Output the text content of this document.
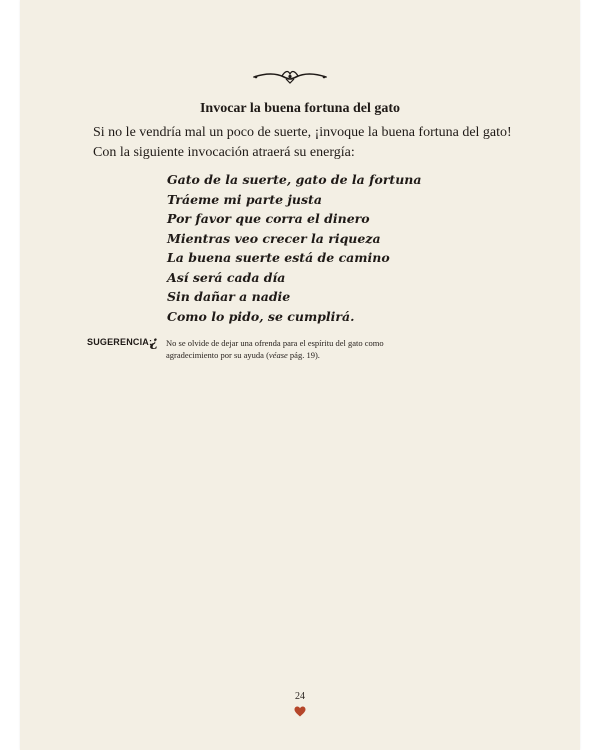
Invocar la buena fortuna del gato

Si no le vendría mal un poco de suerte, ¡invoque la buena fortuna del gato! Con la siguiente invocación atraerá su energía:

Gato de la suerte, gato de la fortuna
Tráeme mi parte justa
Por favor que corra el dinero
Mientras veo crecer la riqueza
La buena suerte está de camino
Así será cada día
Sin dañar a nadie
Como lo pido, se cumplirá.
SUGERENCIA:
¿ No se olvide de dejar una ofrenda para el espíritu del gato como agradecimiento por su ayuda (véase pág. 19).

24
